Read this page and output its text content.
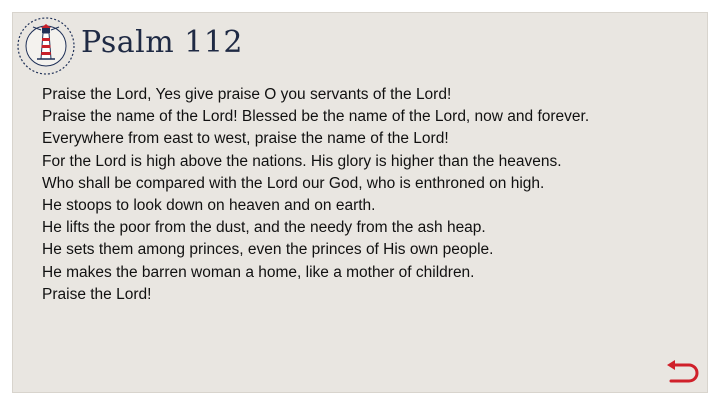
Psalm 112
Praise the Lord, Yes give praise O you servants of the Lord!
Praise the name of the Lord! Blessed be the name of the Lord, now and forever.
Everywhere from east to west, praise the name of the Lord!
For the Lord is high above the nations. His glory is higher than the heavens.
Who shall be compared with the Lord our God, who is enthroned on high.
He stoops to look down on heaven and on earth.
He lifts the poor from the dust, and the needy from the ash heap.
He sets them among princes, even the princes of His own people.
He makes the barren woman a home, like a mother of children.
Praise the Lord!
